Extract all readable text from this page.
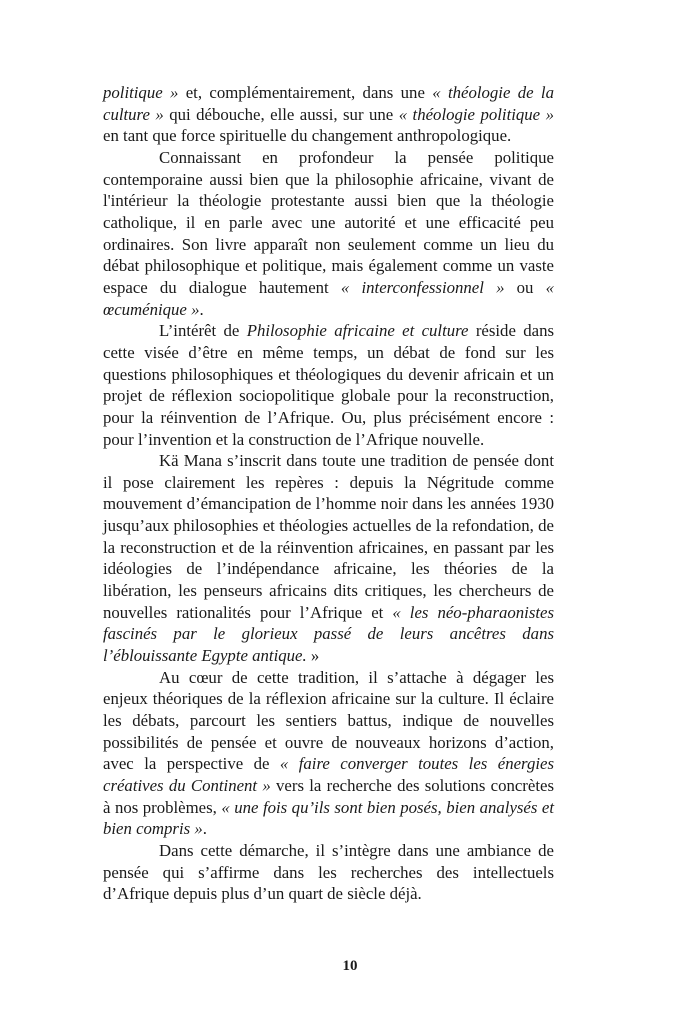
politique » et, complémentairement, dans une « théologie de la culture » qui débouche, elle aussi, sur une « théologie politique » en tant que force spirituelle du changement anthropologique.

Connaissant en profondeur la pensée politique contemporaine aussi bien que la philosophie africaine, vivant de l'intérieur la théologie protestante aussi bien que la théologie catholique, il en parle avec une autorité et une efficacité peu ordinaires. Son livre apparaît non seulement comme un lieu du débat philosophique et politique, mais également comme un vaste espace du dialogue hautement « interconfessionnel » ou « œcuménique ».

L’intérêt de Philosophie africaine et culture réside dans cette visée d’être en même temps, un débat de fond sur les questions philosophiques et théologiques du devenir africain et un projet de réflexion sociopolitique globale pour la reconstruction, pour la réinvention de l’Afrique. Ou, plus précisément encore : pour l’invention et la construction de l’Afrique nouvelle.

Kä Mana s’inscrit dans toute une tradition de pensée dont il pose clairement les repères : depuis la Négritude comme mouvement d’émancipation de l’homme noir dans les années 1930 jusqu’aux philosophies et théologies actuelles de la refondation, de la reconstruction et de la réinvention africaines, en passant par les idéologies de l’indépendance africaine, les théories de la libération, les penseurs africains dits critiques, les chercheurs de nouvelles rationalités pour l’Afrique et « les néo-pharaonistes fascinés par le glorieux passé de leurs ancêtres dans l’éblouissante Egypte antique. »

Au cœur de cette tradition, il s’attache à dégager les enjeux théoriques de la réflexion africaine sur la culture. Il éclaire les débats, parcourt les sentiers battus, indique de nouvelles possibilités de pensée et ouvre de nouveaux horizons d’action, avec la perspective de « faire converger toutes les énergies créatives du Continent » vers la recherche des solutions concrètes à nos problèmes, « une fois qu’ils sont bien posés, bien analysés et bien compris ».

Dans cette démarche, il s’intègre dans une ambiance de pensée qui s’affirme dans les recherches des intellectuels d’Afrique depuis plus d’un quart de siècle déjà.

10
